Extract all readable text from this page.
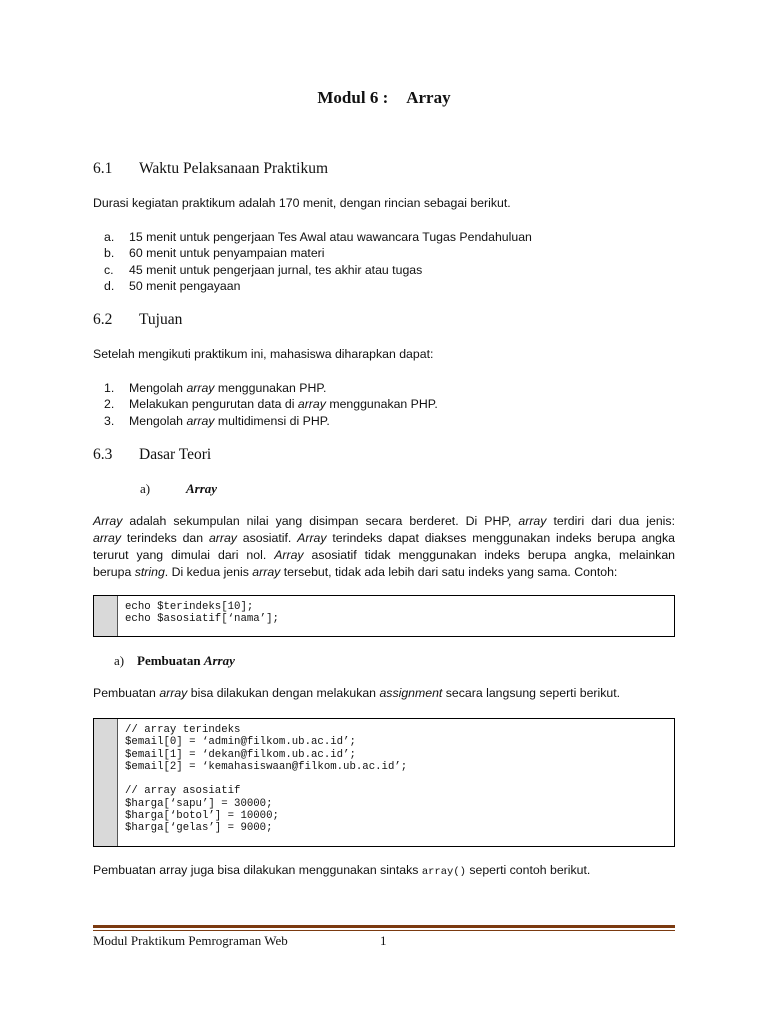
Modul 6 : Array
6.1 Waktu Pelaksanaan Praktikum
Durasi kegiatan praktikum adalah 170 menit, dengan rincian sebagai berikut.
a. 15 menit untuk pengerjaan Tes Awal atau wawancara Tugas Pendahuluan
b. 60 menit untuk penyampaian materi
c. 45 menit untuk pengerjaan jurnal, tes akhir atau tugas
d. 50 menit pengayaan
6.2 Tujuan
Setelah mengikuti praktikum ini, mahasiswa diharapkan dapat:
1. Mengolah array menggunakan PHP.
2. Melakukan pengurutan data di array menggunakan PHP.
3. Mengolah array multidimensi di PHP.
6.3 Dasar Teori
a)	Array
Array adalah sekumpulan nilai yang disimpan secara berderet. Di PHP, array terdiri dari dua jenis:
array terindeks dan array asosiatif. Array terindeks dapat diakses menggunakan indeks berupa angka
terurut yang dimulai dari nol. Array asosiatif tidak menggunakan indeks berupa angka, melainkan
berupa string. Di kedua jenis array tersebut, tidak ada lebih dari satu indeks yang sama. Contoh:
echo $terindeks[10];
echo $asosiatif[‘nama’];
a) Pembuatan Array
Pembuatan array bisa dilakukan dengan melakukan assignment secara langsung seperti berikut.
// array terindeks
$email[0] = ‘admin@filkom.ub.ac.id’;
$email[1] = ‘dekan@filkom.ub.ac.id’;
$email[2] = ‘kemahasiswaan@filkom.ub.ac.id’;

// array asosiatif
$harga[‘sapu’] = 30000;
$harga[‘botol’] = 10000;
$harga[‘gelas’] = 9000;
Pembuatan array juga bisa dilakukan menggunakan sintaks array() seperti contoh berikut.
Modul Praktikum Pemrograman Web	1
